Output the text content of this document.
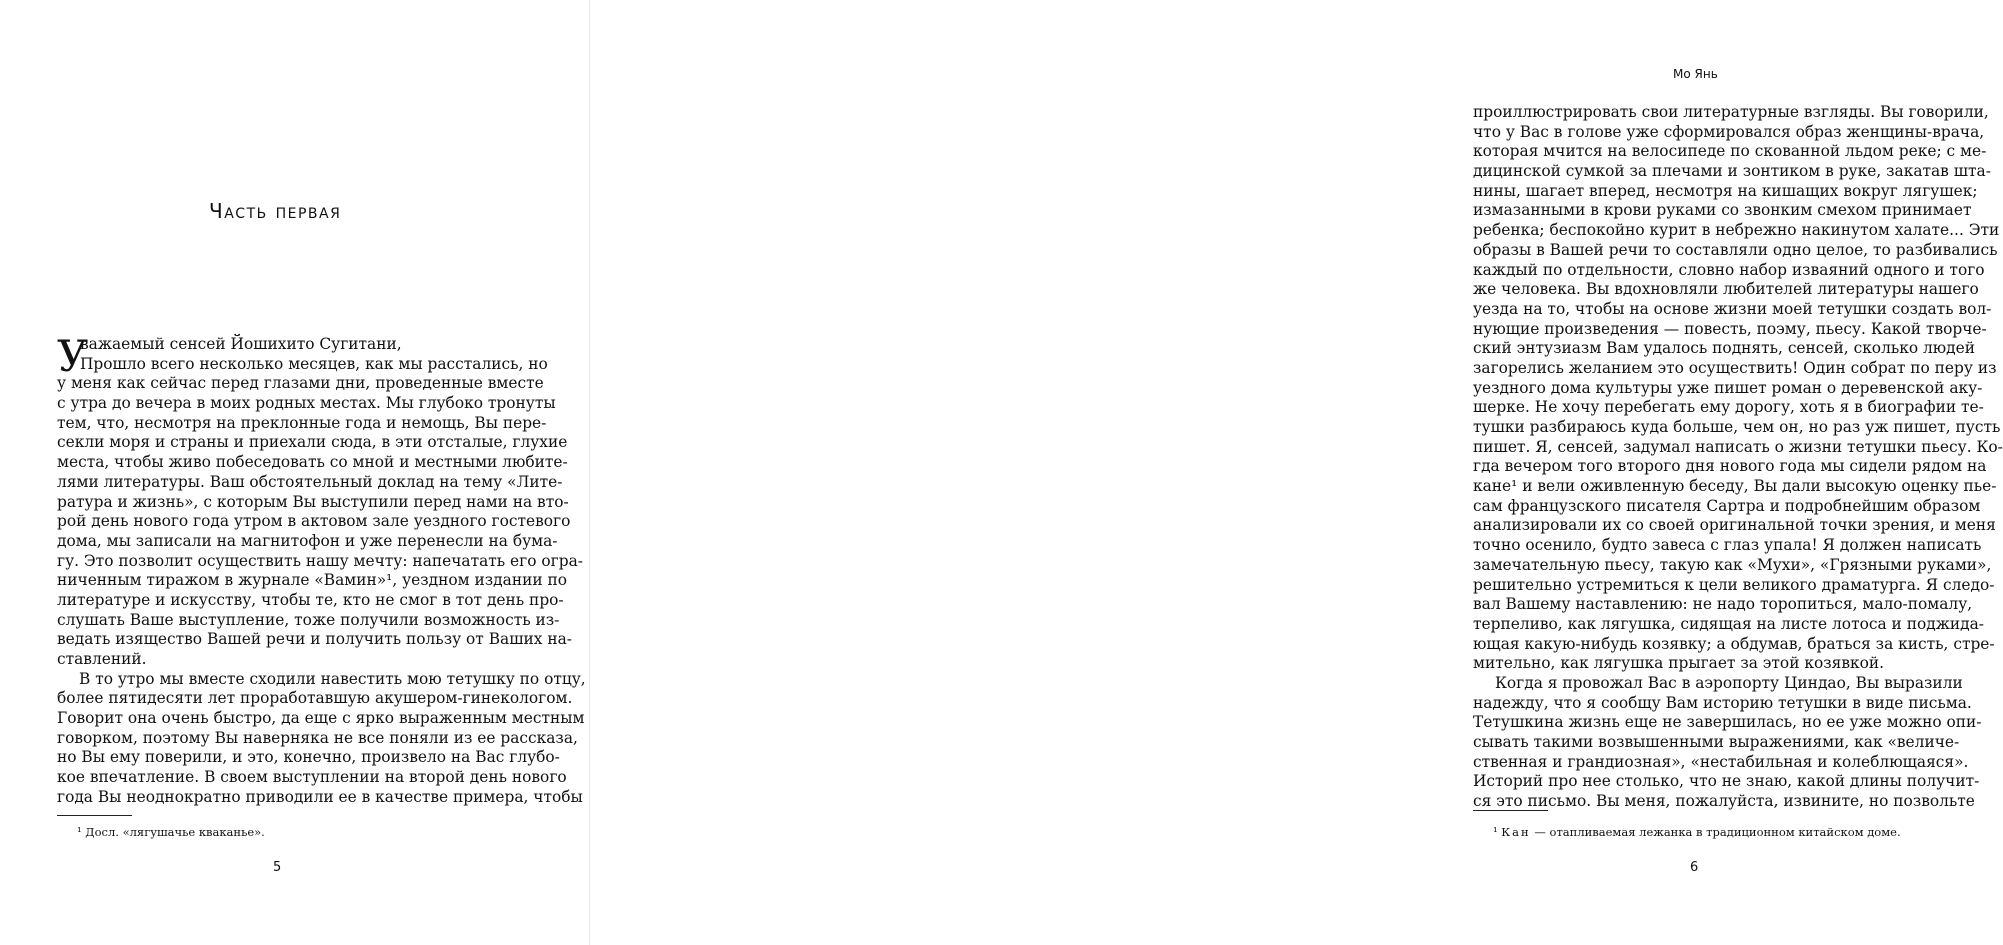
Часть первая
У
важаемый сенсей Йошихито Сугитани,
Прошло всего несколько месяцев, как мы расстались, но
у меня как сейчас перед глазами дни, проведенные вместе
с утра до вечера в моих родных местах. Мы глубоко тронуты
тем, что, несмотря на преклонные года и немощь, Вы пере-
секли моря и страны и приехали сюда, в эти отсталые, глухие
места, чтобы живо побеседовать со мной и местными любите-
лями литературы. Ваш обстоятельный доклад на тему «Лите-
ратура и жизнь», с которым Вы выступили перед нами на вто-
рой день нового года утром в актовом зале уездного гостевого
дома, мы записали на магнитофон и уже перенесли на бума-
гу. Это позволит осуществить нашу мечту: напечатать его огра-
ниченным тиражом в журнале «Вамин»¹, уездном издании по
литературе и искусству, чтобы те, кто не смог в тот день про-
слушать Ваше выступление, тоже получили возможность из-
ведать изящество Вашей речи и получить пользу от Ваших на-
ставлений.
В то утро мы вместе сходили навестить мою тетушку по отцу,
более пятидесяти лет проработавшую акушером-гинекологом.
Говорит она очень быстро, да еще с ярко выраженным местным
говорком, поэтому Вы наверняка не все поняли из ее рассказа,
но Вы ему поверили, и это, конечно, произвело на Вас глубо-
кое впечатление. В своем выступлении на второй день нового
года Вы неоднократно приводили ее в качестве примера, чтобы
¹ Досл. «лягушачье кваканье».
5
Мо Янь
проиллюстрировать свои литературные взгляды. Вы говорили,
что у Вас в голове уже сформировался образ женщины-врача,
которая мчится на велосипеде по скованной льдом реке; с ме-
дицинской сумкой за плечами и зонтиком в руке, закатав шта-
нины, шагает вперед, несмотря на кишащих вокруг лягушек;
измазанными в крови руками со звонким смехом принимает
ребенка; беспокойно курит в небрежно накинутом халате... Эти
образы в Вашей речи то составляли одно целое, то разбивались
каждый по отдельности, словно набор изваяний одного и того
же человека. Вы вдохновляли любителей литературы нашего
уезда на то, чтобы на основе жизни моей тетушки создать вол-
нующие произведения — повесть, поэму, пьесу. Какой творче-
ский энтузиазм Вам удалось поднять, сенсей, сколько людей
загорелись желанием это осуществить! Один собрат по перу из
уездного дома культуры уже пишет роман о деревенской аку-
шерке. Не хочу перебегать ему дорогу, хоть я в биографии те-
тушки разбираюсь куда больше, чем он, но раз уж пишет, пусть
пишет. Я, сенсей, задумал написать о жизни тетушки пьесу. Ко-
гда вечером того второго дня нового года мы сидели рядом на
кане¹ и вели оживленную беседу, Вы дали высокую оценку пье-
сам французского писателя Сартра и подробнейшим образом
анализировали их со своей оригинальной точки зрения, и меня
точно осенило, будто завеса с глаз упала! Я должен написать
замечательную пьесу, такую как «Мухи», «Грязными руками»,
решительно устремиться к цели великого драматурга. Я следо-
вал Вашему наставлению: не надо торопиться, мало-помалу,
терпеливо, как лягушка, сидящая на листе лотоса и поджида-
ющая какую-нибудь козявку; а обдумав, браться за кисть, стре-
мительно, как лягушка прыгает за этой козявкой.
Когда я провожал Вас в аэропорту Циндао, Вы выразили
надежду, что я сообщу Вам историю тетушки в виде письма.
Тетушкина жизнь еще не завершилась, но ее уже можно опи-
сывать такими возвышенными выражениями, как «величе-
ственная и грандиозная», «нестабильная и колеблющаяся».
Историй про нее столько, что не знаю, какой длины получит-
ся это письмо. Вы меня, пожалуйста, извините, но позвольте
¹ Кан — отапливаемая лежанка в традиционном китайском доме.
6
